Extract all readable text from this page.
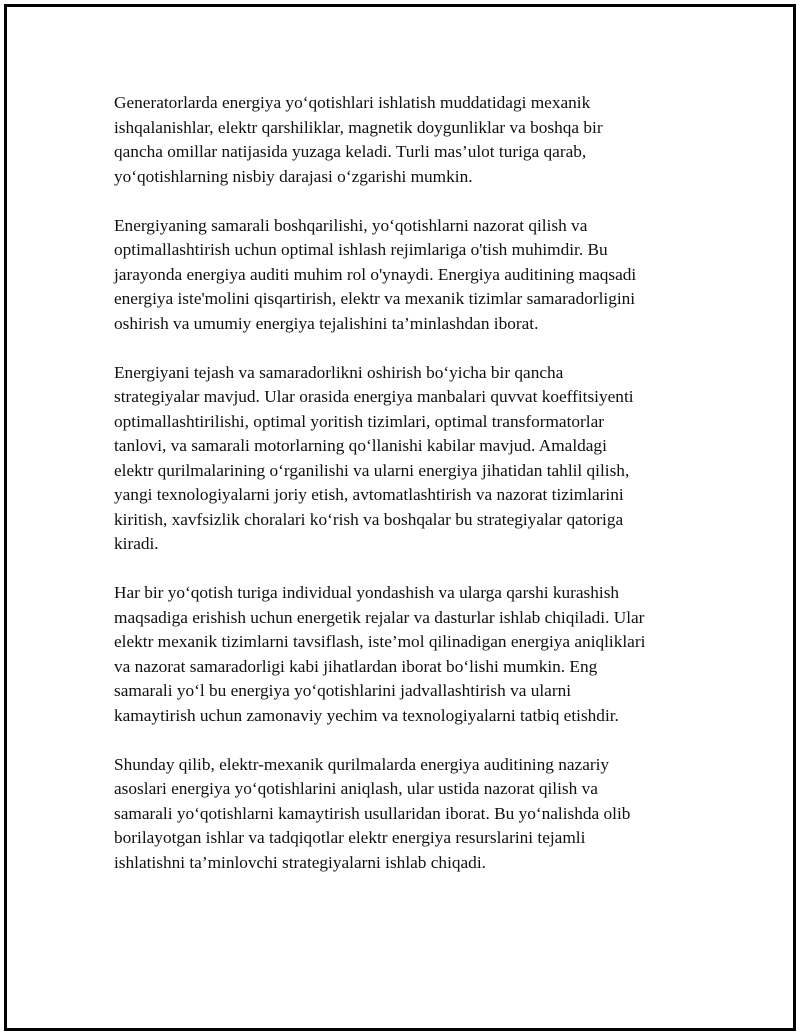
Generatorlarda energiya yo‘qotishlari ishlatish muddatidagi mexanik
ishqalanishlar, elektr qarshiliklar, magnetik doygunliklar va boshqa bir
qancha omillar natijasida yuzaga keladi. Turli mas’ulot turiga qarab,
yo‘qotishlarning nisbiy darajasi o‘zgarishi mumkin.

Energiyaning samarali boshqarilishi, yo‘qotishlarni nazorat qilish va
optimallashtirish uchun optimal ishlash rejimlariga o'tish muhimdir. Bu
jarayonda energiya auditi muhim rol o'ynaydi. Energiya auditining maqsadi
energiya iste'molini qisqartirish, elektr va mexanik tizimlar samaradorligini
oshirish va umumiy energiya tejalishini ta’minlashdan iborat.

Energiyani tejash va samaradorlikni oshirish bo‘yicha bir qancha
strategiyalar mavjud. Ular orasida energiya manbalari quvvat koeffitsiyenti
optimallashtirilishi, optimal yoritish tizimlari, optimal transformatorlar
tanlovi, va samarali motorlarning qo‘llanishi kabilar mavjud. Amaldagi
elektr qurilmalarining o‘rganilishi va ularni energiya jihatidan tahlil qilish,
yangi texnologiyalarni joriy etish, avtomatlashtirish va nazorat tizimlarini
kiritish, xavfsizlik choralari ko‘rish va boshqalar bu strategiyalar qatoriga
kiradi.

Har bir yo‘qotish turiga individual yondashish va ularga qarshi kurashish
maqsadiga erishish uchun energetik rejalar va dasturlar ishlab chiqiladi. Ular
elektr mexanik tizimlarni tavsiflash, iste’mol qilinadigan energiya aniqliklari
va nazorat samaradorligi kabi jihatlardan iborat bo‘lishi mumkin. Eng
samarali yo‘l bu energiya yo‘qotishlarini jadvallashtirish va ularni
kamaytirish uchun zamonaviy yechim va texnologiyalarni tatbiq etishdir.

Shunday qilib, elektr-mexanik qurilmalarda energiya auditining nazariy
asoslari energiya yo‘qotishlarini aniqlash, ular ustida nazorat qilish va
samarali yo‘qotishlarni kamaytirish usullaridan iborat. Bu yo‘nalishda olib
borilayotgan ishlar va tadqiqotlar elektr energiya resurslarini tejamli
ishlatishni ta’minlovchi strategiyalarni ishlab chiqadi.
